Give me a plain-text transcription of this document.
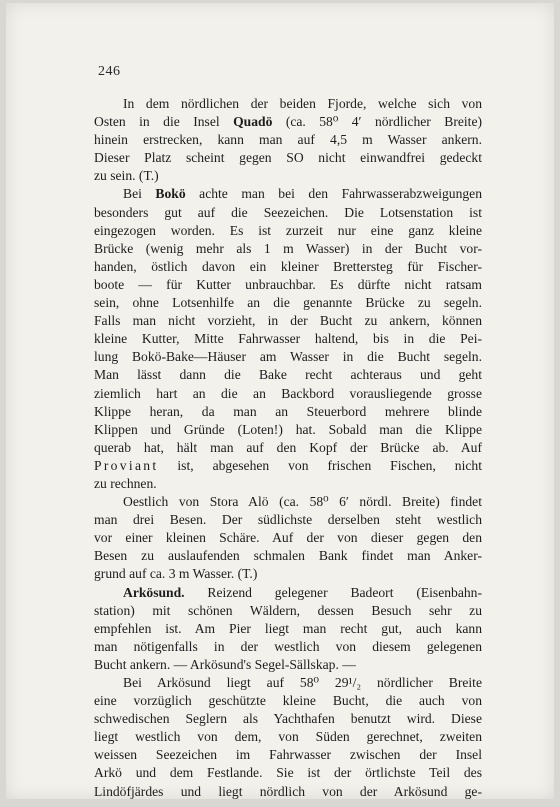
246
In dem nördlichen der beiden Fjorde, welche sich von
Osten in die Insel Quadö (ca. 58⁰ 4′ nördlicher Breite)
hinein erstrecken, kann man auf 4,5 m Wasser ankern.
Dieser Platz scheint gegen SO nicht einwandfrei gedeckt
zu sein. (T.)
Bei Bokö achte man bei den Fahrwasserabzweigungen
besonders gut auf die Seezeichen. Die Lotsenstation ist
eingezogen worden. Es ist zurzeit nur eine ganz kleine
Brücke (wenig mehr als 1 m Wasser) in der Bucht vor-
handen, östlich davon ein kleiner Brettersteg für Fischer-
boote — für Kutter unbrauchbar. Es dürfte nicht ratsam
sein, ohne Lotsenhilfe an die genannte Brücke zu segeln.
Falls man nicht vorzieht, in der Bucht zu ankern, können
kleine Kutter, Mitte Fahrwasser haltend, bis in die Pei-
lung Bokö-Bake—Häuser am Wasser in die Bucht segeln.
Man lässt dann die Bake recht achteraus und geht
ziemlich hart an die an Backbord vorausliegende grosse
Klippe heran, da man an Steuerbord mehrere blinde
Klippen und Gründe (Loten!) hat. Sobald man die Klippe
querab hat, hält man auf den Kopf der Brücke ab. Auf
Proviant ist, abgesehen von frischen Fischen, nicht
zu rechnen.
Oestlich von Stora Alö (ca. 58⁰ 6′ nördl. Breite) findet
man drei Besen. Der südlichste derselben steht westlich
vor einer kleinen Schäre. Auf der von dieser gegen den
Besen zu auslaufenden schmalen Bank findet man Anker-
grund auf ca. 3 m Wasser. (T.)
Arkösund. Reizend gelegener Badeort (Eisenbahn-
station) mit schönen Wäldern, dessen Besuch sehr zu
empfehlen ist. Am Pier liegt man recht gut, auch kann
man nötigenfalls in der westlich von diesem gelegenen
Bucht ankern. — Arkösund's Segel-Sällskap. —
Bei Arkösund liegt auf 58⁰ 29¹/₂ nördlicher Breite
eine vorzüglich geschützte kleine Bucht, die auch von
schwedischen Seglern als Yachthafen benutzt wird. Diese
liegt westlich von dem, von Süden gerechnet, zweiten
weissen Seezeichen im Fahrwasser zwischen der Insel
Arkö und dem Festlande. Sie ist der örtlichste Teil des
Lindöfjärdes und liegt nördlich von der Arkösund ge-
